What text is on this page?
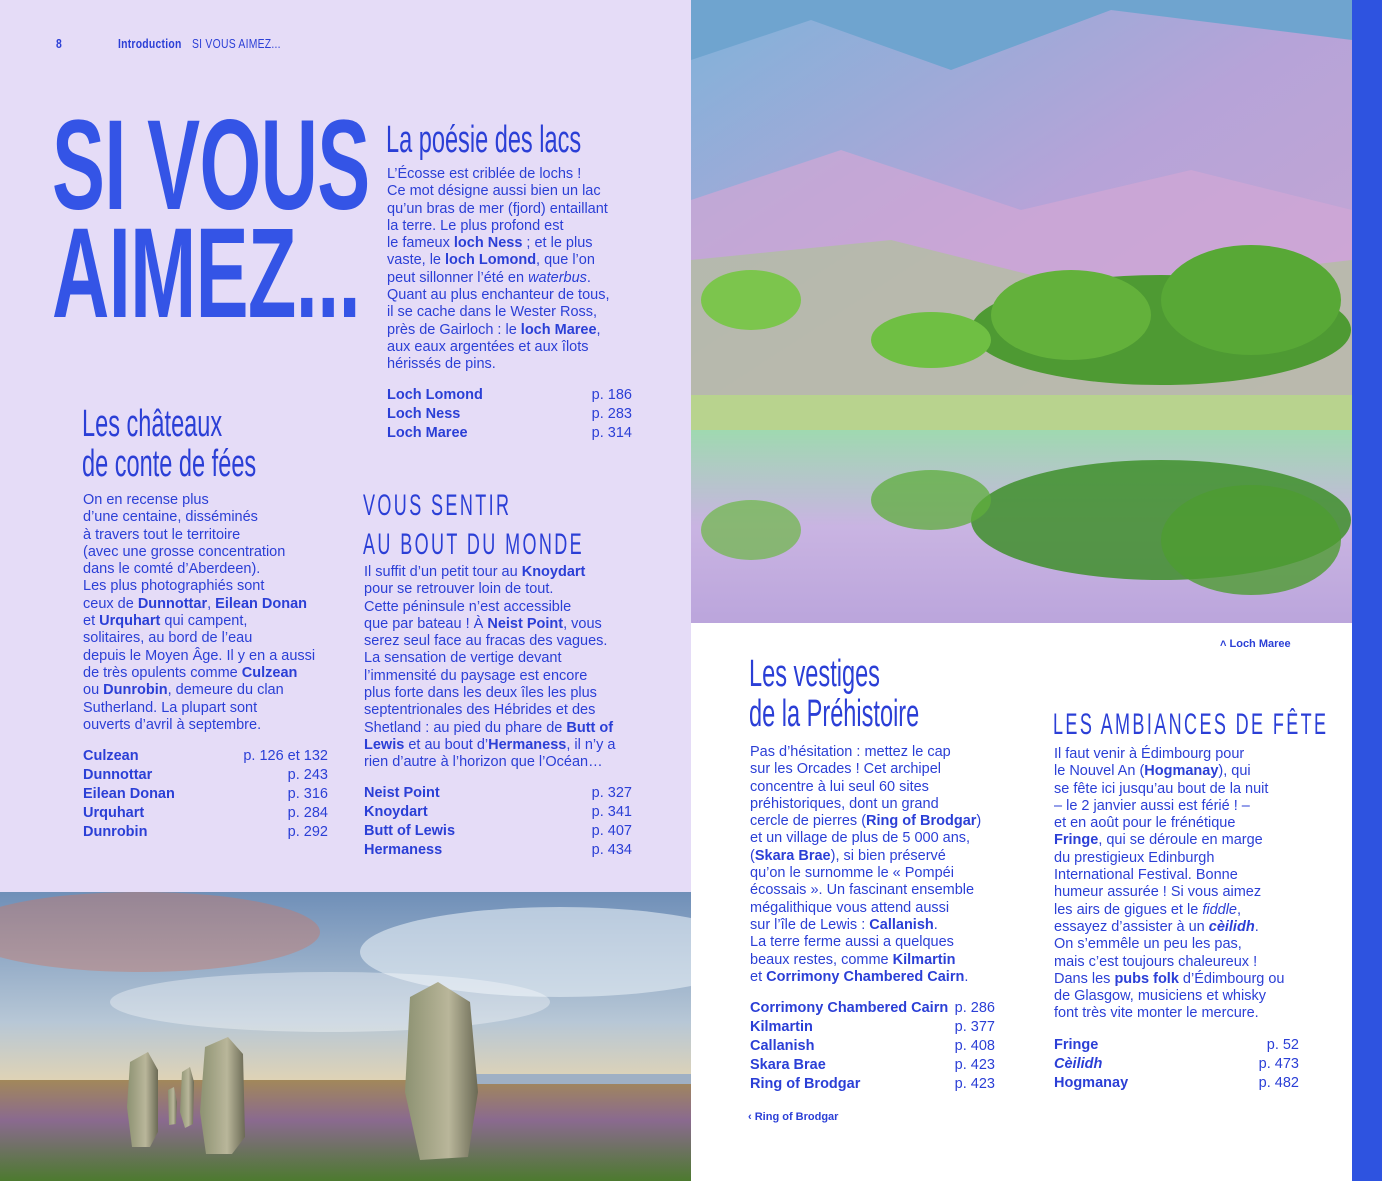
8	Introduction SI VOUS AIMEZ...
SI VOUS
AIMEZ...
La poésie des lacs
L’Écosse est criblée de lochs !
Ce mot désigne aussi bien un lac
qu’un bras de mer (fjord) entaillant
la terre. Le plus profond est
le fameux loch Ness ; et le plus
vaste, le loch Lomond, que l’on
peut sillonner l’été en waterbus.
Quant au plus enchanteur de tous,
il se cache dans le Wester Ross,
près de Gairloch : le loch Maree,
aux eaux argentées et aux îlots
hérissés de pins.
Loch Lomond	p. 186
Loch Ness	p. 283
Loch Maree	p. 314
Les châteaux
de conte de fées
On en recense plus
d’une centaine, disséminés
à travers tout le territoire
(avec une grosse concentration
dans le comté d’Aberdeen).
Les plus photographiés sont
ceux de Dunnottar, Eilean Donan
et Urquhart qui campent,
solitaires, au bord de l’eau
depuis le Moyen Âge. Il y en a aussi
de très opulents comme Culzean
ou Dunrobin, demeure du clan
Sutherland. La plupart sont
ouverts d’avril à septembre.
Culzean	p. 126 et 132
Dunnottar	p. 243
Eilean Donan	p. 316
Urquhart	p. 284
Dunrobin	p. 292
VOUS SENTIR
AU BOUT DU MONDE
Il suffit d’un petit tour au Knoydart
pour se retrouver loin de tout.
Cette péninsule n’est accessible
que par bateau ! À Neist Point, vous
serez seul face au fracas des vagues.
La sensation de vertige devant
l’immensité du paysage est encore
plus forte dans les deux îles les plus
septentrionales des Hébrides et des
Shetland : au pied du phare de Butt of
Lewis et au bout d’Hermaness, il n’y a
rien d’autre à l’horizon que l’Océan…
Neist Point	p. 327
Knoydart	p. 341
Butt of Lewis	p. 407
Hermaness	p. 434
˄ Loch Maree
Les vestiges
de la Préhistoire
Pas d’hésitation : mettez le cap
sur les Orcades ! Cet archipel
concentre à lui seul 60 sites
préhistoriques, dont un grand
cercle de pierres (Ring of Brodgar)
et un village de plus de 5 000 ans,
(Skara Brae), si bien préservé
qu’on le surnomme le « Pompéi
écossais ». Un fascinant ensemble
mégalithique vous attend aussi
sur l’île de Lewis : Callanish.
La terre ferme aussi a quelques
beaux restes, comme Kilmartin
et Corrimony Chambered Cairn.
Corrimony Chambered Cairn p. 286
Kilmartin	p. 377
Callanish	p. 408
Skara Brae	p. 423
Ring of Brodgar	p. 423
‹ Ring of Brodgar
LES AMBIANCES DE FÊTE
Il faut venir à Édimbourg pour
le Nouvel An (Hogmanay), qui
se fête ici jusqu’au bout de la nuit
– le 2 janvier aussi est férié ! –
et en août pour le frénétique
Fringe, qui se déroule en marge
du prestigieux Edinburgh
International Festival. Bonne
humeur assurée ! Si vous aimez
les airs de gigues et le fiddle,
essayez d’assister à un cèilidh.
On s’emmêle un peu les pas,
mais c’est toujours chaleureux !
Dans les pubs folk d’Édimbourg ou
de Glasgow, musiciens et whisky
font très vite monter le mercure.
Fringe	p. 52
Cèilidh	p. 473
Hogmanay	p. 482
